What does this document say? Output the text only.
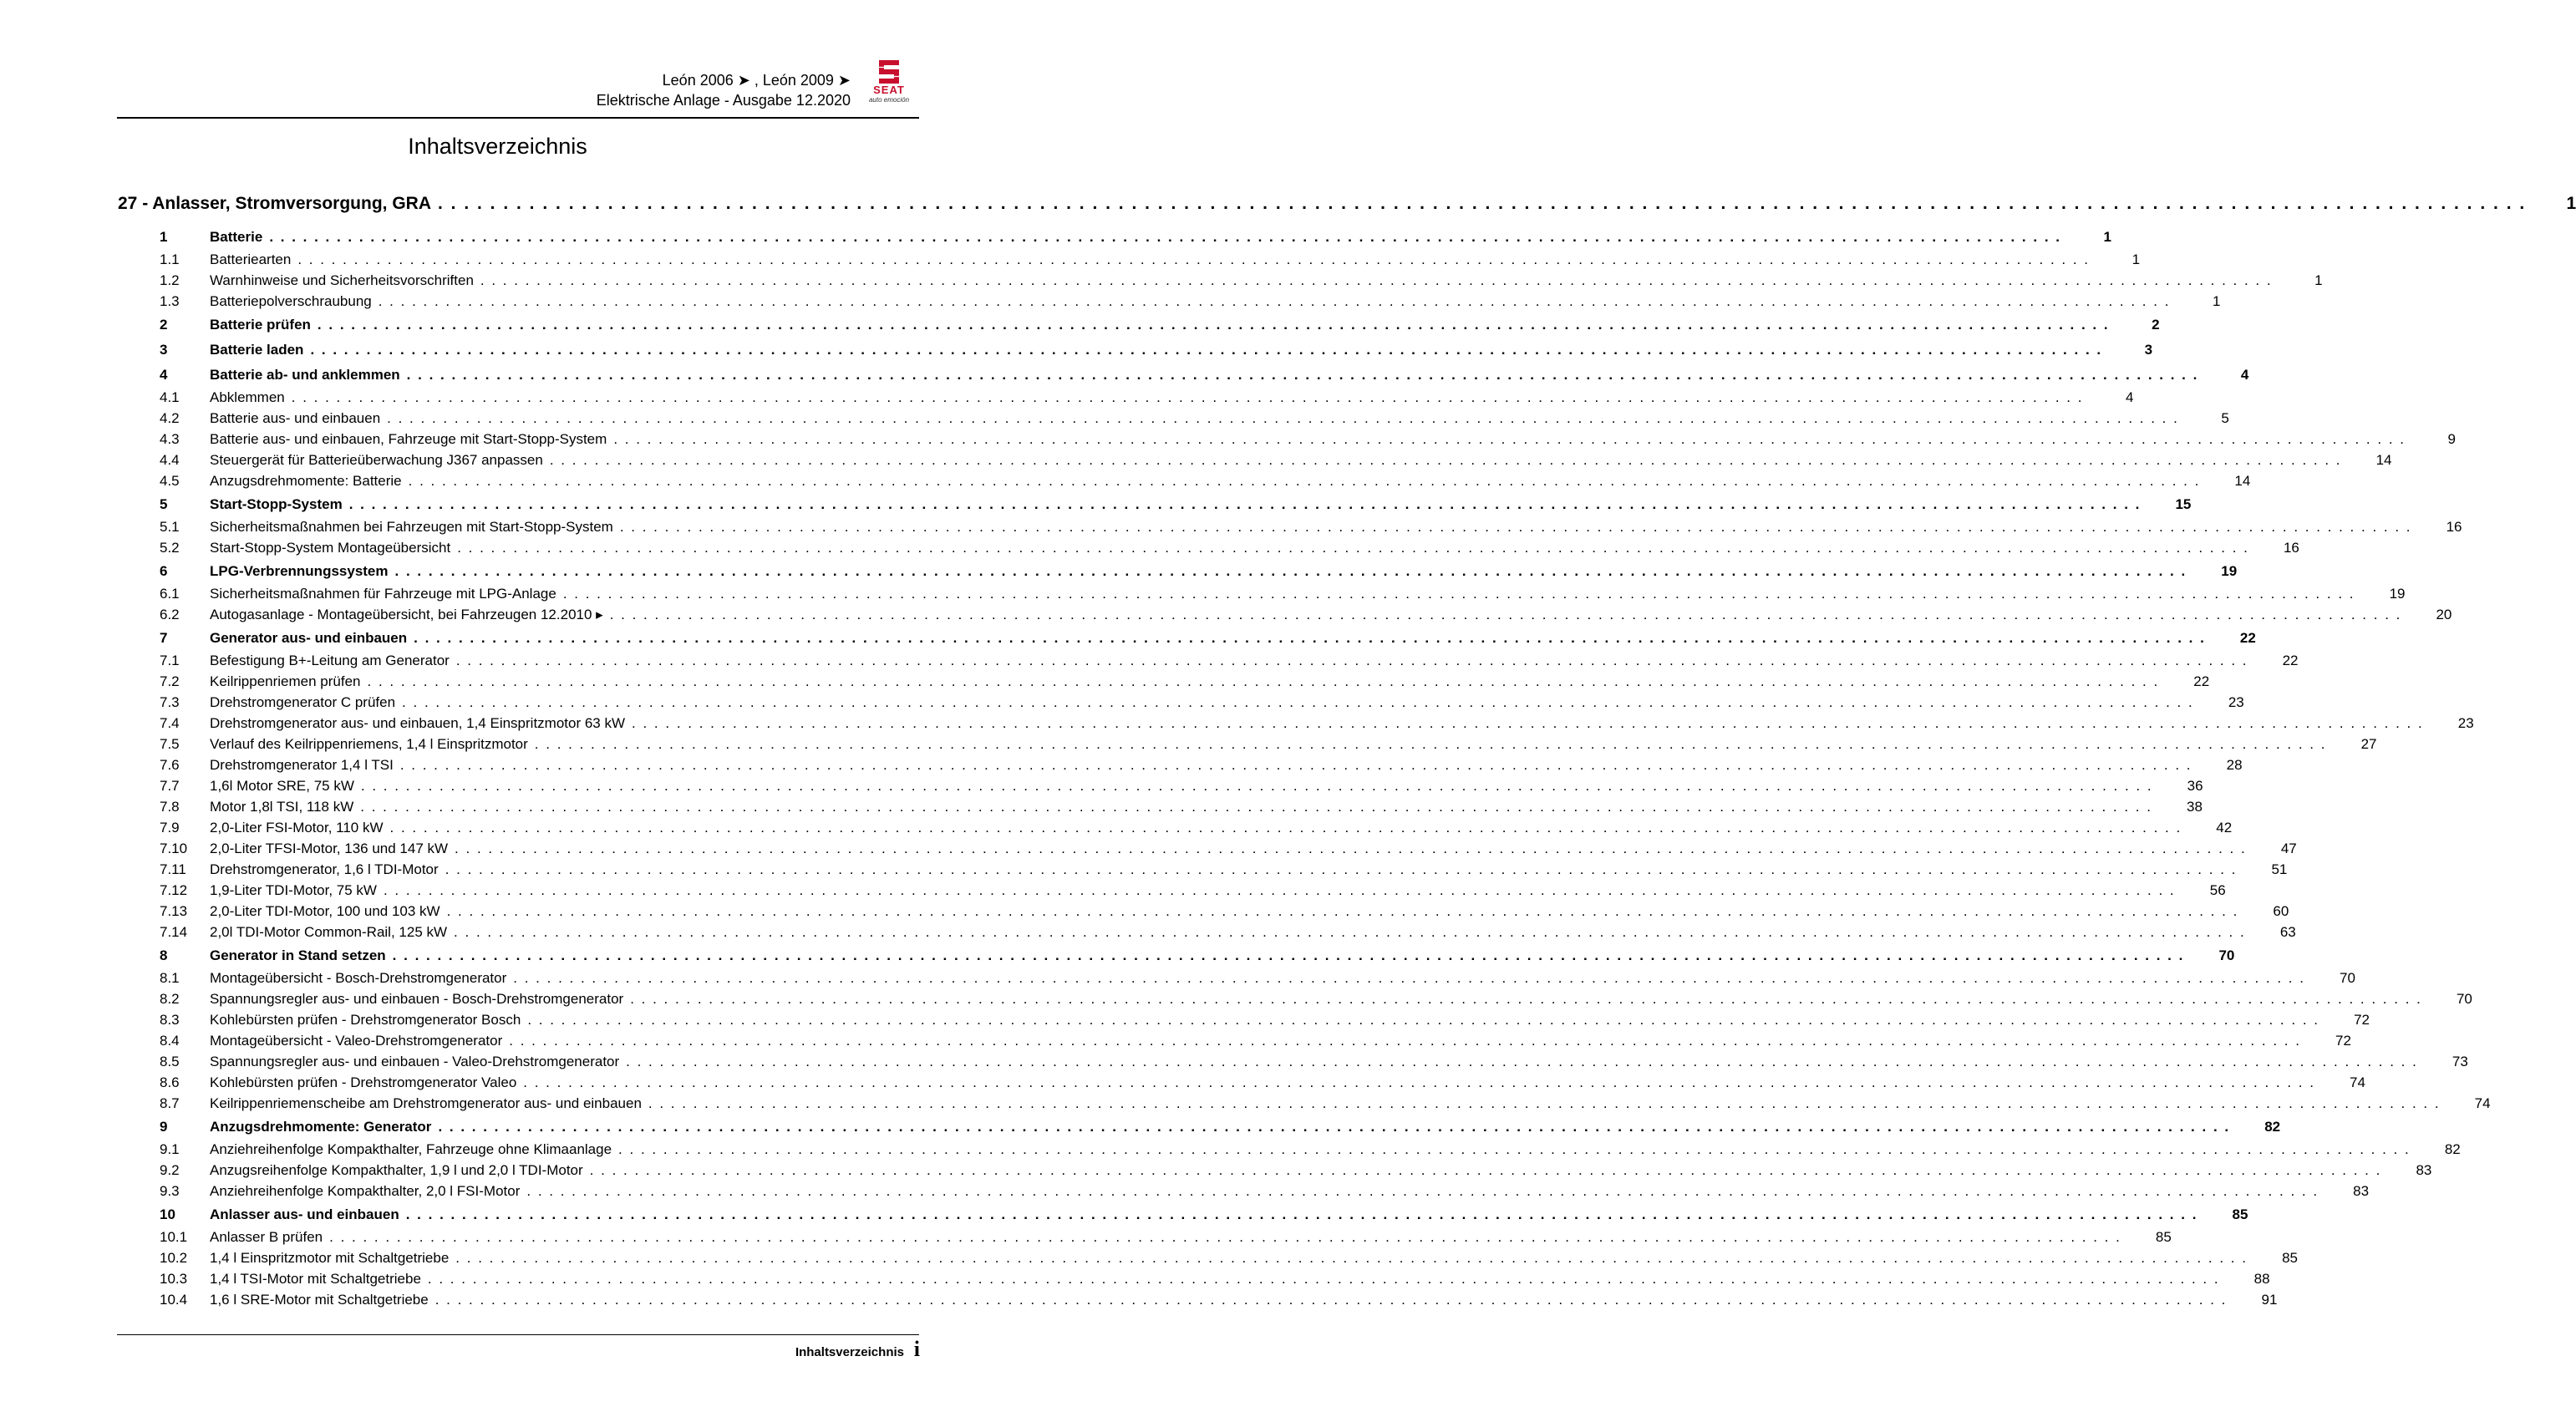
León 2006 ➤ , León 2009 ➤
Elektrische Anlage - Ausgabe 12.2020
SEAT
auto emoción
Inhaltsverzeichnis
27 - Anlasser, Stromversorgung, GRA . . . . . . . . . . . . . . . . . . . . . . . . . . . . . . . . . . . . . . . . . . . . . . . . . . . . . . . . . . . . . . . . . . . . . . . . . . . . . . . . . . . . . . . . . . . . . . . . . . . . . . . . . . . . . . . . . . . . . . . . . . . . . . . . . . . . . . . . . . . . . . . . . . . . . . . . . . . . . . . .	1
1	Batterie . . . . . . . . . . . . . . . . . . . . . . . . . . . . . . . . . . . . . . . . . . . . . . . . . . . . . . . . . . . . . . . . . . . . . . . . . . . . . . . . . . . . . . . . . . . . . . . . . . . . . . . . . . . . . . . . . . . . . . . . . . . . . . . . . . . . . . . . . . . . . . . . . . . . . . . . . . . . . . . .	1
1.1	Batteriearten . . . . . . . . . . . . . . . . . . . . . . . . . . . . . . . . . . . . . . . . . . . . . . . . . . . . . . . . . . . . . . . . . . . . . . . . . . . . . . . . . . . . . . . . . . . . . . . . . . . . . . . . . . . . . . . . . . . . . . . . . . . . . . . . . . . . . . . . . . . . . . . . . . . . . . . . . . . . . . . .	1
1.2	Warnhinweise und Sicherheitsvorschriften . . . . . . . . . . . . . . . . . . . . . . . . . . . . . . . . . . . . . . . . . . . . . . . . . . . . . . . . . . . . . . . . . . . . . . . . . . . . . . . . . . . . . . . . . . . . . . . . . . . . . . . . . . . . . . . . . . . . . . . . . . . . . . . . . . . . . . . . . . . . . . . . . . . . . . . . . . . . . . . .	1
1.3	Batteriepolverschraubung . . . . . . . . . . . . . . . . . . . . . . . . . . . . . . . . . . . . . . . . . . . . . . . . . . . . . . . . . . . . . . . . . . . . . . . . . . . . . . . . . . . . . . . . . . . . . . . . . . . . . . . . . . . . . . . . . . . . . . . . . . . . . . . . . . . . . . . . . . . . . . . . . . . . . . . . . . . . . . . .	1
2	Batterie prüfen . . . . . . . . . . . . . . . . . . . . . . . . . . . . . . . . . . . . . . . . . . . . . . . . . . . . . . . . . . . . . . . . . . . . . . . . . . . . . . . . . . . . . . . . . . . . . . . . . . . . . . . . . . . . . . . . . . . . . . . . . . . . . . . . . . . . . . . . . . . . . . . . . . . . . . . . . . . . . . . .	2
3	Batterie laden . . . . . . . . . . . . . . . . . . . . . . . . . . . . . . . . . . . . . . . . . . . . . . . . . . . . . . . . . . . . . . . . . . . . . . . . . . . . . . . . . . . . . . . . . . . . . . . . . . . . . . . . . . . . . . . . . . . . . . . . . . . . . . . . . . . . . . . . . . . . . . . . . . . . . . . . . . . . . . . .	3
4	Batterie ab- und anklemmen . . . . . . . . . . . . . . . . . . . . . . . . . . . . . . . . . . . . . . . . . . . . . . . . . . . . . . . . . . . . . . . . . . . . . . . . . . . . . . . . . . . . . . . . . . . . . . . . . . . . . . . . . . . . . . . . . . . . . . . . . . . . . . . . . . . . . . . . . . . . . . . . . . . . . . . . . . . . . . . .	4
4.1	Abklemmen . . . . . . . . . . . . . . . . . . . . . . . . . . . . . . . . . . . . . . . . . . . . . . . . . . . . . . . . . . . . . . . . . . . . . . . . . . . . . . . . . . . . . . . . . . . . . . . . . . . . . . . . . . . . . . . . . . . . . . . . . . . . . . . . . . . . . . . . . . . . . . . . . . . . . . . . . . . . . . . .	4
4.2	Batterie aus- und einbauen . . . . . . . . . . . . . . . . . . . . . . . . . . . . . . . . . . . . . . . . . . . . . . . . . . . . . . . . . . . . . . . . . . . . . . . . . . . . . . . . . . . . . . . . . . . . . . . . . . . . . . . . . . . . . . . . . . . . . . . . . . . . . . . . . . . . . . . . . . . . . . . . . . . . . . . . . . . . . . . .	5
4.3	Batterie aus- und einbauen, Fahrzeuge mit Start-Stopp-System . . . . . . . . . . . . . . . . . . . . . . . . . . . . . . . . . . . . . . . . . . . . . . . . . . . . . . . . . . . . . . . . . . . . . . . . . . . . . . . . . . . . . . . . . . . . . . . . . . . . . . . . . . . . . . . . . . . . . . . . . . . . . . . . . . . . . . . . . . . . . . . . . . . . . . . . . . . . . . . .	9
4.4	Steuergerät für Batterieüberwachung J367 anpassen . . . . . . . . . . . . . . . . . . . . . . . . . . . . . . . . . . . . . . . . . . . . . . . . . . . . . . . . . . . . . . . . . . . . . . . . . . . . . . . . . . . . . . . . . . . . . . . . . . . . . . . . . . . . . . . . . . . . . . . . . . . . . . . . . . . . . . . . . . . . . . . . . . . . . . . . . . . . . . . .	14
4.5	Anzugsdrehmomente: Batterie . . . . . . . . . . . . . . . . . . . . . . . . . . . . . . . . . . . . . . . . . . . . . . . . . . . . . . . . . . . . . . . . . . . . . . . . . . . . . . . . . . . . . . . . . . . . . . . . . . . . . . . . . . . . . . . . . . . . . . . . . . . . . . . . . . . . . . . . . . . . . . . . . . . . . . . . . . . . . . . .	14
5	Start-Stopp-System . . . . . . . . . . . . . . . . . . . . . . . . . . . . . . . . . . . . . . . . . . . . . . . . . . . . . . . . . . . . . . . . . . . . . . . . . . . . . . . . . . . . . . . . . . . . . . . . . . . . . . . . . . . . . . . . . . . . . . . . . . . . . . . . . . . . . . . . . . . . . . . . . . . . . . . . . . . . . . . .	15
5.1	Sicherheitsmaßnahmen bei Fahrzeugen mit Start-Stopp-System . . . . . . . . . . . . . . . . . . . . . . . . . . . . . . . . . . . . . . . . . . . . . . . . . . . . . . . . . . . . . . . . . . . . . . . . . . . . . . . . . . . . . . . . . . . . . . . . . . . . . . . . . . . . . . . . . . . . . . . . . . . . . . . . . . . . . . . . . . . . . . . . . . . . . . . . . . . . . . . .	16
5.2	Start-Stopp-System Montageübersicht . . . . . . . . . . . . . . . . . . . . . . . . . . . . . . . . . . . . . . . . . . . . . . . . . . . . . . . . . . . . . . . . . . . . . . . . . . . . . . . . . . . . . . . . . . . . . . . . . . . . . . . . . . . . . . . . . . . . . . . . . . . . . . . . . . . . . . . . . . . . . . . . . . . . . . . . . . . . . . . .	16
6	LPG-Verbrennungssystem . . . . . . . . . . . . . . . . . . . . . . . . . . . . . . . . . . . . . . . . . . . . . . . . . . . . . . . . . . . . . . . . . . . . . . . . . . . . . . . . . . . . . . . . . . . . . . . . . . . . . . . . . . . . . . . . . . . . . . . . . . . . . . . . . . . . . . . . . . . . . . . . . . . . . . . . . . . . . . . .	19
6.1	Sicherheitsmaßnahmen für Fahrzeuge mit LPG-Anlage . . . . . . . . . . . . . . . . . . . . . . . . . . . . . . . . . . . . . . . . . . . . . . . . . . . . . . . . . . . . . . . . . . . . . . . . . . . . . . . . . . . . . . . . . . . . . . . . . . . . . . . . . . . . . . . . . . . . . . . . . . . . . . . . . . . . . . . . . . . . . . . . . . . . . . . . . . . . . . . .	19
6.2	Autogasanlage - Montageübersicht, bei Fahrzeugen 12.2010 ▸ . . . . . . . . . . . . . . . . . . . . . . . . . . . . . . . . . . . . . . . . . . . . . . . . . . . . . . . . . . . . . . . . . . . . . . . . . . . . . . . . . . . . . . . . . . . . . . . . . . . . . . . . . . . . . . . . . . . . . . . . . . . . . . . . . . . . . . . . . . . . . . . . . . . . . . . . . . . . . . . .	20
7	Generator aus- und einbauen . . . . . . . . . . . . . . . . . . . . . . . . . . . . . . . . . . . . . . . . . . . . . . . . . . . . . . . . . . . . . . . . . . . . . . . . . . . . . . . . . . . . . . . . . . . . . . . . . . . . . . . . . . . . . . . . . . . . . . . . . . . . . . . . . . . . . . . . . . . . . . . . . . . . . . . . . . . . . . . .	22
7.1	Befestigung B+-Leitung am Generator . . . . . . . . . . . . . . . . . . . . . . . . . . . . . . . . . . . . . . . . . . . . . . . . . . . . . . . . . . . . . . . . . . . . . . . . . . . . . . . . . . . . . . . . . . . . . . . . . . . . . . . . . . . . . . . . . . . . . . . . . . . . . . . . . . . . . . . . . . . . . . . . . . . . . . . . . . . . . . . .	22
7.2	Keilrippenriemen prüfen . . . . . . . . . . . . . . . . . . . . . . . . . . . . . . . . . . . . . . . . . . . . . . . . . . . . . . . . . . . . . . . . . . . . . . . . . . . . . . . . . . . . . . . . . . . . . . . . . . . . . . . . . . . . . . . . . . . . . . . . . . . . . . . . . . . . . . . . . . . . . . . . . . . . . . . . . . . . . . . .	22
7.3	Drehstromgenerator C prüfen . . . . . . . . . . . . . . . . . . . . . . . . . . . . . . . . . . . . . . . . . . . . . . . . . . . . . . . . . . . . . . . . . . . . . . . . . . . . . . . . . . . . . . . . . . . . . . . . . . . . . . . . . . . . . . . . . . . . . . . . . . . . . . . . . . . . . . . . . . . . . . . . . . . . . . . . . . . . . . . .	23
7.4	Drehstromgenerator aus- und einbauen, 1,4 Einspritzmotor 63 kW . . . . . . . . . . . . . . . . . . . . . . . . . . . . . . . . . . . . . . . . . . . . . . . . . . . . . . . . . . . . . . . . . . . . . . . . . . . . . . . . . . . . . . . . . . . . . . . . . . . . . . . . . . . . . . . . . . . . . . . . . . . . . . . . . . . . . . . . . . . . . . . . . . . . . . . . . . . . . . . .	23
7.5	Verlauf des Keilrippenriemens, 1,4 l Einspritzmotor . . . . . . . . . . . . . . . . . . . . . . . . . . . . . . . . . . . . . . . . . . . . . . . . . . . . . . . . . . . . . . . . . . . . . . . . . . . . . . . . . . . . . . . . . . . . . . . . . . . . . . . . . . . . . . . . . . . . . . . . . . . . . . . . . . . . . . . . . . . . . . . . . . . . . . . . . . . . . . . .	27
7.6	Drehstromgenerator 1,4 l TSI . . . . . . . . . . . . . . . . . . . . . . . . . . . . . . . . . . . . . . . . . . . . . . . . . . . . . . . . . . . . . . . . . . . . . . . . . . . . . . . . . . . . . . . . . . . . . . . . . . . . . . . . . . . . . . . . . . . . . . . . . . . . . . . . . . . . . . . . . . . . . . . . . . . . . . . . . . . . . . . .	28
7.7	1,6l Motor SRE, 75 kW . . . . . . . . . . . . . . . . . . . . . . . . . . . . . . . . . . . . . . . . . . . . . . . . . . . . . . . . . . . . . . . . . . . . . . . . . . . . . . . . . . . . . . . . . . . . . . . . . . . . . . . . . . . . . . . . . . . . . . . . . . . . . . . . . . . . . . . . . . . . . . . . . . . . . . . . . . . . . . . .	36
7.8	Motor 1,8l TSI, 118 kW . . . . . . . . . . . . . . . . . . . . . . . . . . . . . . . . . . . . . . . . . . . . . . . . . . . . . . . . . . . . . . . . . . . . . . . . . . . . . . . . . . . . . . . . . . . . . . . . . . . . . . . . . . . . . . . . . . . . . . . . . . . . . . . . . . . . . . . . . . . . . . . . . . . . . . . . . . . . . . . .	38
7.9	2,0-Liter FSI-Motor, 110 kW . . . . . . . . . . . . . . . . . . . . . . . . . . . . . . . . . . . . . . . . . . . . . . . . . . . . . . . . . . . . . . . . . . . . . . . . . . . . . . . . . . . . . . . . . . . . . . . . . . . . . . . . . . . . . . . . . . . . . . . . . . . . . . . . . . . . . . . . . . . . . . . . . . . . . . . . . . . . . . . .	42
7.10	2,0-Liter TFSI-Motor, 136 und 147 kW . . . . . . . . . . . . . . . . . . . . . . . . . . . . . . . . . . . . . . . . . . . . . . . . . . . . . . . . . . . . . . . . . . . . . . . . . . . . . . . . . . . . . . . . . . . . . . . . . . . . . . . . . . . . . . . . . . . . . . . . . . . . . . . . . . . . . . . . . . . . . . . . . . . . . . . . . . . . . . . .	47
7.11	Drehstromgenerator, 1,6 l TDI-Motor . . . . . . . . . . . . . . . . . . . . . . . . . . . . . . . . . . . . . . . . . . . . . . . . . . . . . . . . . . . . . . . . . . . . . . . . . . . . . . . . . . . . . . . . . . . . . . . . . . . . . . . . . . . . . . . . . . . . . . . . . . . . . . . . . . . . . . . . . . . . . . . . . . . . . . . . . . . . . . . .	51
7.12	1,9-Liter TDI-Motor, 75 kW . . . . . . . . . . . . . . . . . . . . . . . . . . . . . . . . . . . . . . . . . . . . . . . . . . . . . . . . . . . . . . . . . . . . . . . . . . . . . . . . . . . . . . . . . . . . . . . . . . . . . . . . . . . . . . . . . . . . . . . . . . . . . . . . . . . . . . . . . . . . . . . . . . . . . . . . . . . . . . . .	56
7.13	2,0-Liter TDI-Motor, 100 und 103 kW . . . . . . . . . . . . . . . . . . . . . . . . . . . . . . . . . . . . . . . . . . . . . . . . . . . . . . . . . . . . . . . . . . . . . . . . . . . . . . . . . . . . . . . . . . . . . . . . . . . . . . . . . . . . . . . . . . . . . . . . . . . . . . . . . . . . . . . . . . . . . . . . . . . . . . . . . . . . . . . .	60
7.14	2,0l TDI-Motor Common-Rail, 125 kW . . . . . . . . . . . . . . . . . . . . . . . . . . . . . . . . . . . . . . . . . . . . . . . . . . . . . . . . . . . . . . . . . . . . . . . . . . . . . . . . . . . . . . . . . . . . . . . . . . . . . . . . . . . . . . . . . . . . . . . . . . . . . . . . . . . . . . . . . . . . . . . . . . . . . . . . . . . . . . . .	63
8	Generator in Stand setzen . . . . . . . . . . . . . . . . . . . . . . . . . . . . . . . . . . . . . . . . . . . . . . . . . . . . . . . . . . . . . . . . . . . . . . . . . . . . . . . . . . . . . . . . . . . . . . . . . . . . . . . . . . . . . . . . . . . . . . . . . . . . . . . . . . . . . . . . . . . . . . . . . . . . . . . . . . . . . . . .	70
8.1	Montageübersicht - Bosch-Drehstromgenerator . . . . . . . . . . . . . . . . . . . . . . . . . . . . . . . . . . . . . . . . . . . . . . . . . . . . . . . . . . . . . . . . . . . . . . . . . . . . . . . . . . . . . . . . . . . . . . . . . . . . . . . . . . . . . . . . . . . . . . . . . . . . . . . . . . . . . . . . . . . . . . . . . . . . . . . . . . . . . . . .	70
8.2	Spannungsregler aus- und einbauen - Bosch-Drehstromgenerator . . . . . . . . . . . . . . . . . . . . . . . . . . . . . . . . . . . . . . . . . . . . . . . . . . . . . . . . . . . . . . . . . . . . . . . . . . . . . . . . . . . . . . . . . . . . . . . . . . . . . . . . . . . . . . . . . . . . . . . . . . . . . . . . . . . . . . . . . . . . . . . . . . . . . . . . . . . . . . . .	70
8.3	Kohlebürsten prüfen - Drehstromgenerator Bosch . . . . . . . . . . . . . . . . . . . . . . . . . . . . . . . . . . . . . . . . . . . . . . . . . . . . . . . . . . . . . . . . . . . . . . . . . . . . . . . . . . . . . . . . . . . . . . . . . . . . . . . . . . . . . . . . . . . . . . . . . . . . . . . . . . . . . . . . . . . . . . . . . . . . . . . . . . . . . . . .	72
8.4	Montageübersicht - Valeo-Drehstromgenerator . . . . . . . . . . . . . . . . . . . . . . . . . . . . . . . . . . . . . . . . . . . . . . . . . . . . . . . . . . . . . . . . . . . . . . . . . . . . . . . . . . . . . . . . . . . . . . . . . . . . . . . . . . . . . . . . . . . . . . . . . . . . . . . . . . . . . . . . . . . . . . . . . . . . . . . . . . . . . . . .	72
8.5	Spannungsregler aus- und einbauen - Valeo-Drehstromgenerator . . . . . . . . . . . . . . . . . . . . . . . . . . . . . . . . . . . . . . . . . . . . . . . . . . . . . . . . . . . . . . . . . . . . . . . . . . . . . . . . . . . . . . . . . . . . . . . . . . . . . . . . . . . . . . . . . . . . . . . . . . . . . . . . . . . . . . . . . . . . . . . . . . . . . . . . . . . . . . . .	73
8.6	Kohlebürsten prüfen - Drehstromgenerator Valeo . . . . . . . . . . . . . . . . . . . . . . . . . . . . . . . . . . . . . . . . . . . . . . . . . . . . . . . . . . . . . . . . . . . . . . . . . . . . . . . . . . . . . . . . . . . . . . . . . . . . . . . . . . . . . . . . . . . . . . . . . . . . . . . . . . . . . . . . . . . . . . . . . . . . . . . . . . . . . . . .	74
8.7	Keilrippenriemenscheibe am Drehstromgenerator aus- und einbauen . . . . . . . . . . . . . . . . . . . . . . . . . . . . . . . . . . . . . . . . . . . . . . . . . . . . . . . . . . . . . . . . . . . . . . . . . . . . . . . . . . . . . . . . . . . . . . . . . . . . . . . . . . . . . . . . . . . . . . . . . . . . . . . . . . . . . . . . . . . . . . . . . . . . . . . . . . . . . . . .	74
9	Anzugsdrehmomente: Generator . . . . . . . . . . . . . . . . . . . . . . . . . . . . . . . . . . . . . . . . . . . . . . . . . . . . . . . . . . . . . . . . . . . . . . . . . . . . . . . . . . . . . . . . . . . . . . . . . . . . . . . . . . . . . . . . . . . . . . . . . . . . . . . . . . . . . . . . . . . . . . . . . . . . . . . . . . . . . . . .	82
9.1	Anziehreihenfolge Kompakthalter, Fahrzeuge ohne Klimaanlage . . . . . . . . . . . . . . . . . . . . . . . . . . . . . . . . . . . . . . . . . . . . . . . . . . . . . . . . . . . . . . . . . . . . . . . . . . . . . . . . . . . . . . . . . . . . . . . . . . . . . . . . . . . . . . . . . . . . . . . . . . . . . . . . . . . . . . . . . . . . . . . . . . . . . . . . . . . . . . . .	82
9.2	Anzugsreihenfolge Kompakthalter, 1,9 l und 2,0 l TDI-Motor . . . . . . . . . . . . . . . . . . . . . . . . . . . . . . . . . . . . . . . . . . . . . . . . . . . . . . . . . . . . . . . . . . . . . . . . . . . . . . . . . . . . . . . . . . . . . . . . . . . . . . . . . . . . . . . . . . . . . . . . . . . . . . . . . . . . . . . . . . . . . . . . . . . . . . . . . . . . . . . .	83
9.3	Anziehreihenfolge Kompakthalter, 2,0 l FSI-Motor . . . . . . . . . . . . . . . . . . . . . . . . . . . . . . . . . . . . . . . . . . . . . . . . . . . . . . . . . . . . . . . . . . . . . . . . . . . . . . . . . . . . . . . . . . . . . . . . . . . . . . . . . . . . . . . . . . . . . . . . . . . . . . . . . . . . . . . . . . . . . . . . . . . . . . . . . . . . . . . .	83
10	Anlasser aus- und einbauen . . . . . . . . . . . . . . . . . . . . . . . . . . . . . . . . . . . . . . . . . . . . . . . . . . . . . . . . . . . . . . . . . . . . . . . . . . . . . . . . . . . . . . . . . . . . . . . . . . . . . . . . . . . . . . . . . . . . . . . . . . . . . . . . . . . . . . . . . . . . . . . . . . . . . . . . . . . . . . . .	85
10.1	Anlasser B prüfen . . . . . . . . . . . . . . . . . . . . . . . . . . . . . . . . . . . . . . . . . . . . . . . . . . . . . . . . . . . . . . . . . . . . . . . . . . . . . . . . . . . . . . . . . . . . . . . . . . . . . . . . . . . . . . . . . . . . . . . . . . . . . . . . . . . . . . . . . . . . . . . . . . . . . . . . . . . . . . . .	85
10.2	1,4 l Einspritzmotor mit Schaltgetriebe . . . . . . . . . . . . . . . . . . . . . . . . . . . . . . . . . . . . . . . . . . . . . . . . . . . . . . . . . . . . . . . . . . . . . . . . . . . . . . . . . . . . . . . . . . . . . . . . . . . . . . . . . . . . . . . . . . . . . . . . . . . . . . . . . . . . . . . . . . . . . . . . . . . . . . . . . . . . . . . .	85
10.3	1,4 l TSI-Motor mit Schaltgetriebe . . . . . . . . . . . . . . . . . . . . . . . . . . . . . . . . . . . . . . . . . . . . . . . . . . . . . . . . . . . . . . . . . . . . . . . . . . . . . . . . . . . . . . . . . . . . . . . . . . . . . . . . . . . . . . . . . . . . . . . . . . . . . . . . . . . . . . . . . . . . . . . . . . . . . . . . . . . . . . . .	88
10.4	1,6 l SRE-Motor mit Schaltgetriebe . . . . . . . . . . . . . . . . . . . . . . . . . . . . . . . . . . . . . . . . . . . . . . . . . . . . . . . . . . . . . . . . . . . . . . . . . . . . . . . . . . . . . . . . . . . . . . . . . . . . . . . . . . . . . . . . . . . . . . . . . . . . . . . . . . . . . . . . . . . . . . . . . . . . . . . . . . . . . . . .	91
Inhaltsverzeichnis i
